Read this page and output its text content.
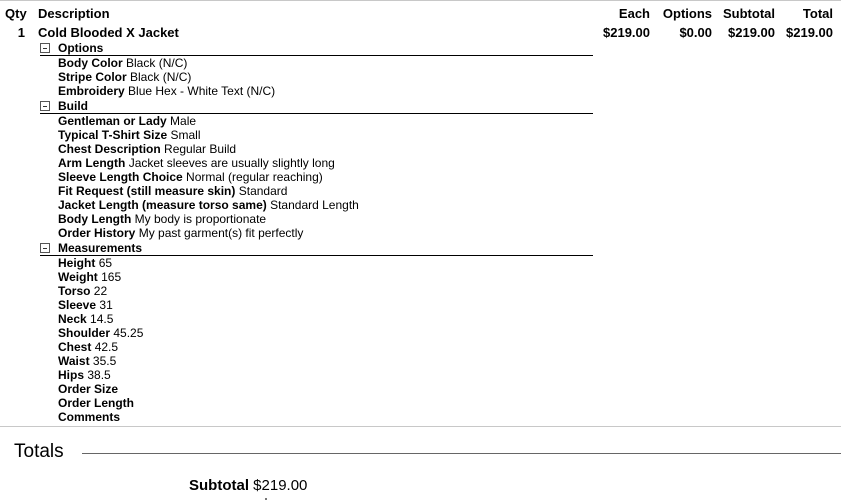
Qty Description	Each Options Subtotal	Total
1 Cold Blooded X Jacket	$219.00	$0.00	$219.00 $219.00
Options
Body Color Black (N/C)
Stripe Color Black (N/C)
Embroidery Blue Hex - White Text (N/C)
Build
Gentleman or Lady Male
Typical T-Shirt Size Small
Chest Description Regular Build
Arm Length Jacket sleeves are usually slightly long
Sleeve Length Choice Normal (regular reaching)
Fit Request (still measure skin) Standard
Jacket Length (measure torso same) Standard Length
Body Length My body is proportionate
Order History My past garment(s) fit perfectly
Measurements
Height 65
Weight 165
Torso 22
Sleeve 31
Neck 14.5
Shoulder 45.25
Chest 42.5
Waist 35.5
Hips 38.5
Order Size
Order Length
Comments
Totals
Subtotal $219.00
